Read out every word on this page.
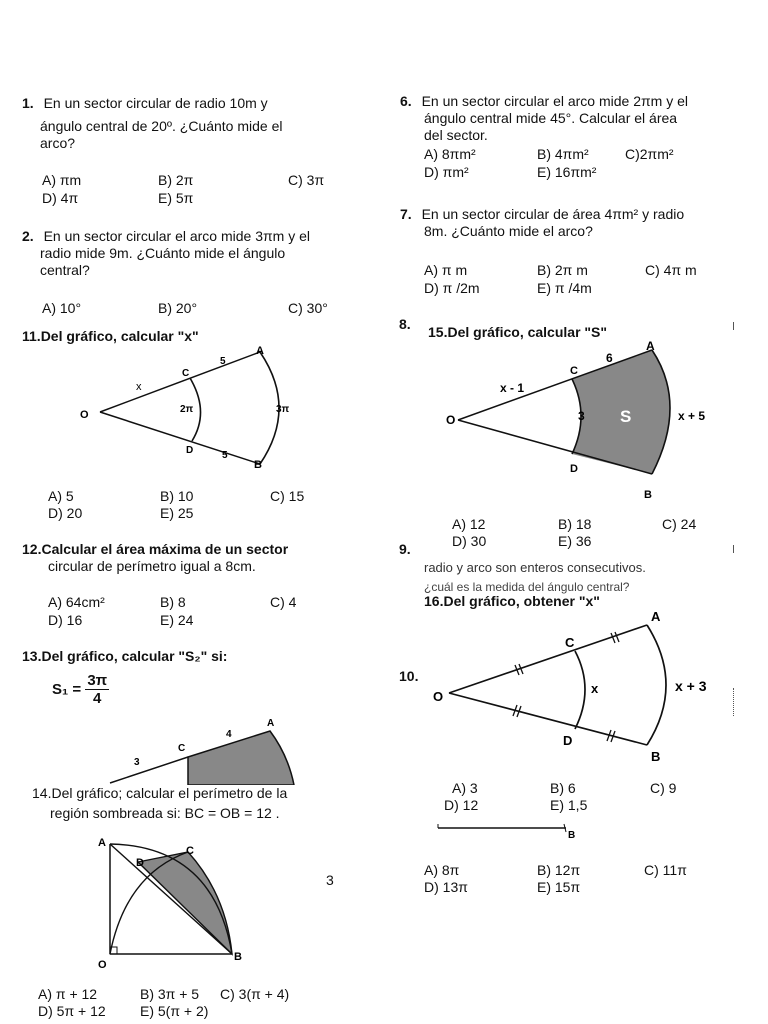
1. En un sector circular de radio 10m y
ángulo central de 20º. ¿Cuánto mide el
arco?
A) πm	B) 2π	C) 3π
D) 4π	E) 5π
2. En un sector circular el arco mide 3πm y el
radio mide 9m. ¿Cuánto mide el ángulo
central?
A) 10°	B) 20°	C) 30°
11.Del gráfico, calcular "x"
O
x
C
5
A
2π	3π
D	5
B
A) 5	B) 10	C) 15
D) 20	E) 25
12.Calcular el área máxima de un sector
circular de perímetro igual a 8cm.
A) 64cm²	B) 8	C) 4
D) 16	E) 24
13.Del gráfico, calcular "S₂" si:
$S_1 = \frac{3\pi}{4}$
3
C
4
A
14.Del gráfico; calcular el perímetro de la
región sombreada si: BC = OB = 12 .
A
D
C
O
B
A) π + 12	B) 3π + 5 C) 3(π + 4)
D) 5π + 12 E) 5(π + 2)
3
6. En un sector circular el arco mide 2πm y el
ángulo central mide 45°. Calcular el área
del sector.
A) 8πm²	B) 4πm²	C)2πm²
D) πm²	E) 16πm²
7. En un sector circular de área 4πm² y radio
8m. ¿Cuánto mide el arco?
A) π m	B) 2π m	C) 4π m
D) π /2m	E) π /4m
8. 15.Del gráfico, calcular "S"
O
x - 1
C
6
A
3 S	x + 5
D
B
A) 12	B) 18	C) 24
D) 30	E) 36
9.
radio y arco son enteros consecutivos.
¿cuál es la medida del ángulo central?
16.Del gráfico, obtener "x"
10.
O
C
A
x	x + 3
D
B
A) 3	B) 6	C) 9
D) 12	E) 1,5
B
A) 8π	B) 12π	C) 11π
D) 13π	E) 15π
